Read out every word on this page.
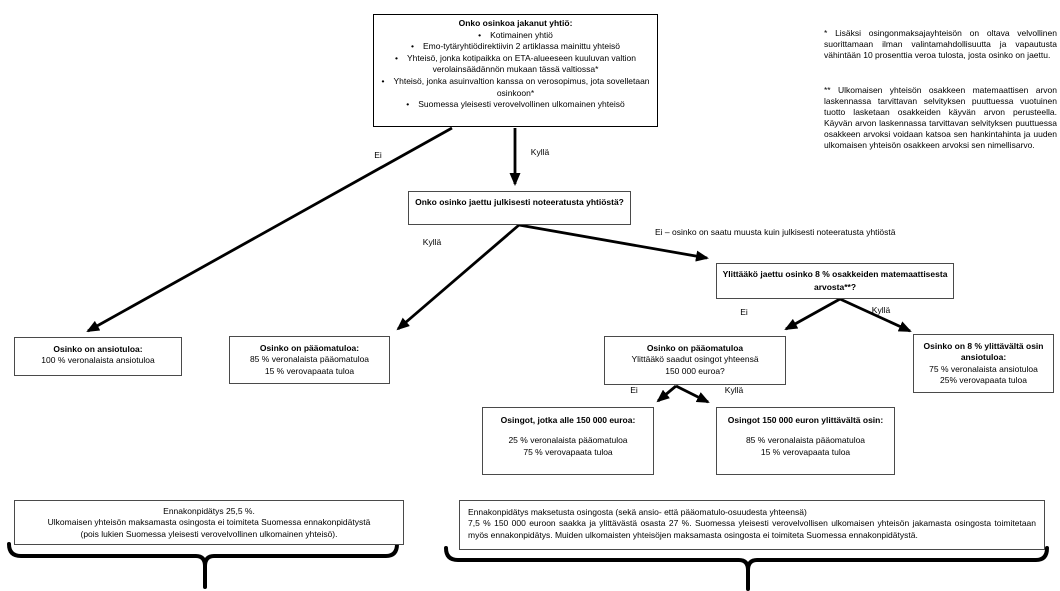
Onko osinkoa jakanut yhtiö:
• Kotimainen yhtiö
• Emo-tytäryhtiödirektiivin 2 artiklassa mainittu yhteisö
• Yhteisö, jonka kotipaikka on ETA-alueeseen kuuluvan valtion verolainsäädännön mukaan tässä valtiossa*
• Yhteisö, jonka asuinvaltion kanssa on verosopimus, jota sovelletaan osinkoon*
• Suomessa yleisesti verovelvollinen ulkomainen yhteisö
Onko osinko jaettu julkisesti noteeratusta yhtiöstä?
Ylittääkö jaettu osinko 8 % osakkeiden matemaattisesta arvosta**?
Osinko on ansiotuloa:
100 % veronalaista ansiotuloa
Osinko on pääomatuloa:
85 % veronalaista pääomatuloa
15 % verovapaata tuloa
Osinko on pääomatuloa
Ylittääkö saadut osingot yhteensä
150 000 euroa?
Osinko on 8 % ylittävältä osin ansiotuloa:
75 % veronalaista ansiotuloa
25% verovapaata tuloa
Osingot, jotka alle 150 000 euroa:
25 % veronalaista pääomatuloa
75 % verovapaata tuloa
Osingot 150 000 euron ylittävältä osin:
85 % veronalaista pääomatuloa
15 % verovapaata tuloa
Ennakonpidätys 25,5 %.
Ulkomaisen yhteisön maksamasta osingosta ei toimiteta Suomessa ennakonpidätystä
(pois lukien Suomessa yleisesti verovelvollinen ulkomainen yhteisö).
Ennakonpidätys maksetusta osingosta (sekä ansio- että pääomatulo-osuudesta yhteensä)
7,5 % 150 000 euroon saakka ja ylittävästä osasta 27 %. Suomessa yleisesti verovelvollisen ulkomaisen yhteisön jakamasta osingosta toimitetaan myös ennakonpidätys. Muiden ulkomaisten yhteisöjen maksamasta osingosta ei toimiteta Suomessa ennakonpidätystä.
Ei	Kyllä
Kyllä
Ei – osinko on saatu muusta kuin julkisesti noteeratusta yhtiöstä
Ei	Kyllä
Ei	Kyllä
* Lisäksi osingonmaksajayhteisön on oltava velvollinen suorittamaan ilman valintamahdollisuutta ja vapautusta vähintään 10 prosenttia veroa tulosta, josta osinko on jaettu.
** Ulkomaisen yhteisön osakkeen matemaattisen arvon laskennassa tarvittavan selvityksen puuttuessa vuotuinen tuotto lasketaan osakkeiden käyvän arvon perusteella. Käyvän arvon laskennassa tarvittavan selvityksen puuttuessa osakkeen arvoksi voidaan katsoa sen hankintahinta ja uuden ulkomaisen yhteisön osakkeen arvoksi sen nimellisarvo.
